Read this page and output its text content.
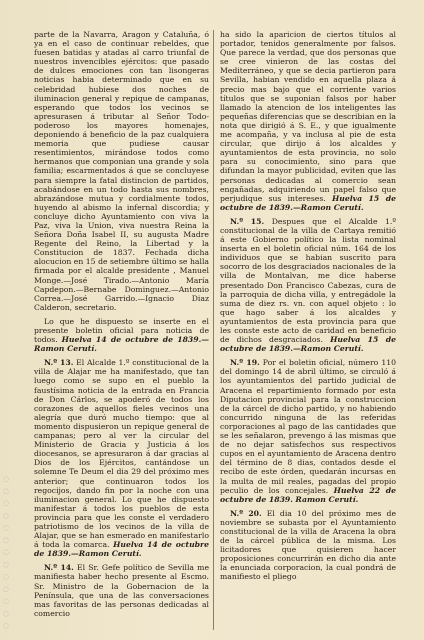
◌ ◌ ◌ ◌ ◌ ◌ ◌ ◌ ◌ ◌ ◌ ◌ ◌

parte de la Navarra, Aragon y Cataluña, ó ya en el caso de continuar rebeldes, que fuesen batidas y atadas al carro triunfal de nuestros invencibles ejércitos: que pasado de dulces emociones con tan lisongeras noticias habia determinado que en su celebridad hubiese dos noches de iluminacion general y repique de campanas, esperando que todos los vecinos se apresurasen á tributar al Señor Todo-poderoso los mayores homenajes, deponiendo á beneficio de la paz cualquiera memoria que pudiese causar resentimientos, mirándose todos como hermanos que componian una grande y sola familia; escarmentados á que se concluyese para siempre la fatal distincion de partidos, acabándose en un todo hasta sus nombres, abrazándose mutua y cordialmente todos, huyendo al abismo la infernal discordia; y concluye dicho Ayuntamiento con viva la Paz, viva la Union, viva nuestra Reina la Señora Doña Isabel II, su augusta Madre Regente del Reino, la Libertad y la Constitucion de 1837. Fechada dicha alocucion en 15 de setiembre último se halla firmada por el alcalde presidente , Manuel Monge.—José Tirado.—Antonio María Capdepon.—Bernabe Dominguez.—Antonio Correa.—José Garrido.—Ignacio Diaz Calderon, secretario.

Lo que he dispuesto se inserte en el presente boletin oficial para noticia de todos. Huelva 14 de octubre de 1839.—Ramon Cerutí.

N.º 13. El Alcalde 1.º constitucional de la villa de Alajar me ha manifestado, que tan luego como se supo en el pueblo la faustísima noticia de la entrada en Francia de Don Cárlos, se apoderó de todos los corazones de aquellos fieles vecinos una alegría que duró mucho tiempo: que al momento dispusieron un repique general de campanas; pero al ver la circular del Ministerio de Gracia y Justicia á los diocesanos, se apresuraron á dar gracias al Dios de los Ejércitos, cantándose un solemne Te Deum el dia 29 del próximo mes anterior; que continuaron todos los regocijos, dando fin por la noche con una iluminacion general. Lo que he dispuesto manifestar á todos los pueblos de esta provincia para que les conste el verdadero patriotismo de los vecinos de la villa de Alajar, que se han esmerado en manifestarlo á toda la comarca. Huelva 14 de octubre de 1839.—Ramon Cerutí.

N.º 14. El Sr. Gefe político de Sevilla me manifiesta haber hecho presente al Escmo. Sr. Ministro de la Gobernacion de la Península, que una de las conversaciones mas favoritas de las personas dedicadas al comercio

ha sido la aparicion de ciertos títulos al portador, tenidos generalmente por falsos. Que parece la verdad, que dos personas que se cree vinieron de las costas del Mediterráneo, y que se decia partieron para Sevilla, habian vendido en aquella plaza á precio mas bajo que el corriente varios títulos que se suponian falsos por haber llamado la atencion de los inteligentes las pequeñas diferencias que se describian en la nota que dirigió á S. E., y que igualmente me acompaña, y va inclusa al pie de esta circular, que dirijo á los alcaldes y ayuntamientos de esta provincia, no solo para su conocimiento, sino para que difundan la mayor publicidad, eviten que las personas dedicadas al comercio sean engañadas, adquiriendo un papel falso que perjudique sus intereses. Huelva 15 de octubre de 1839.—Ramon Cerutí.

N.º 15. Despues que el Alcalde 1.º constitucional de la villa de Cartaya remitió á este Gobierno político la lista nominal inserta en el boletin oficial núm. 164 de los individuos que se habian suscrito para socorro de los desgraciados nacionales de la villa de Montalvan, me dice haberse presentado Don Francisco Cabezas, cura de la parroquia de dicha villa, y entregádole la suma de diez rs. vn. con aquel objeto : lo que hago saber á los alcaldes y ayuntamientos de esta provincia para que les conste este acto de caridad en beneficio de dichos desgraciados. Huelva 15 de octubre de 1839.—Ramon Cerutí.

N.º 19. Por el boletin oficial, número 110 del domingo 14 de abril último, se circuló á los ayuntamientos del partido judicial de Aracena el repartimiento formado por esta Diputacion provincial para la construccion de la cárcel de dicho partido, y no habiendo concurrido ninguna de las referidas corporaciones al pago de las cantidades que se les señalaron, prevengo á las mismas que de no dejar satisfechos sus respectivos cupos en el ayuntamiento de Aracena dentro del término de 8 dias, contados desde el recibo de este órden, quedarán incursas en la multa de mil reales, pagadas del propio peculio de los concejales. Huelva 22 de octubre de 1839. Ramon Cerutí.

N.º 20. El dia 10 del próximo mes de noviembre se subasta por el Ayuntamiento constitucional de la villa de Aracena la obra de la cárcel pública de la misma. Los licitadores que quisieren hacer proposiciones concurrirán en dicho dia ante la enunciada corporacion, la cual pondrá de manifiesto el pliego
